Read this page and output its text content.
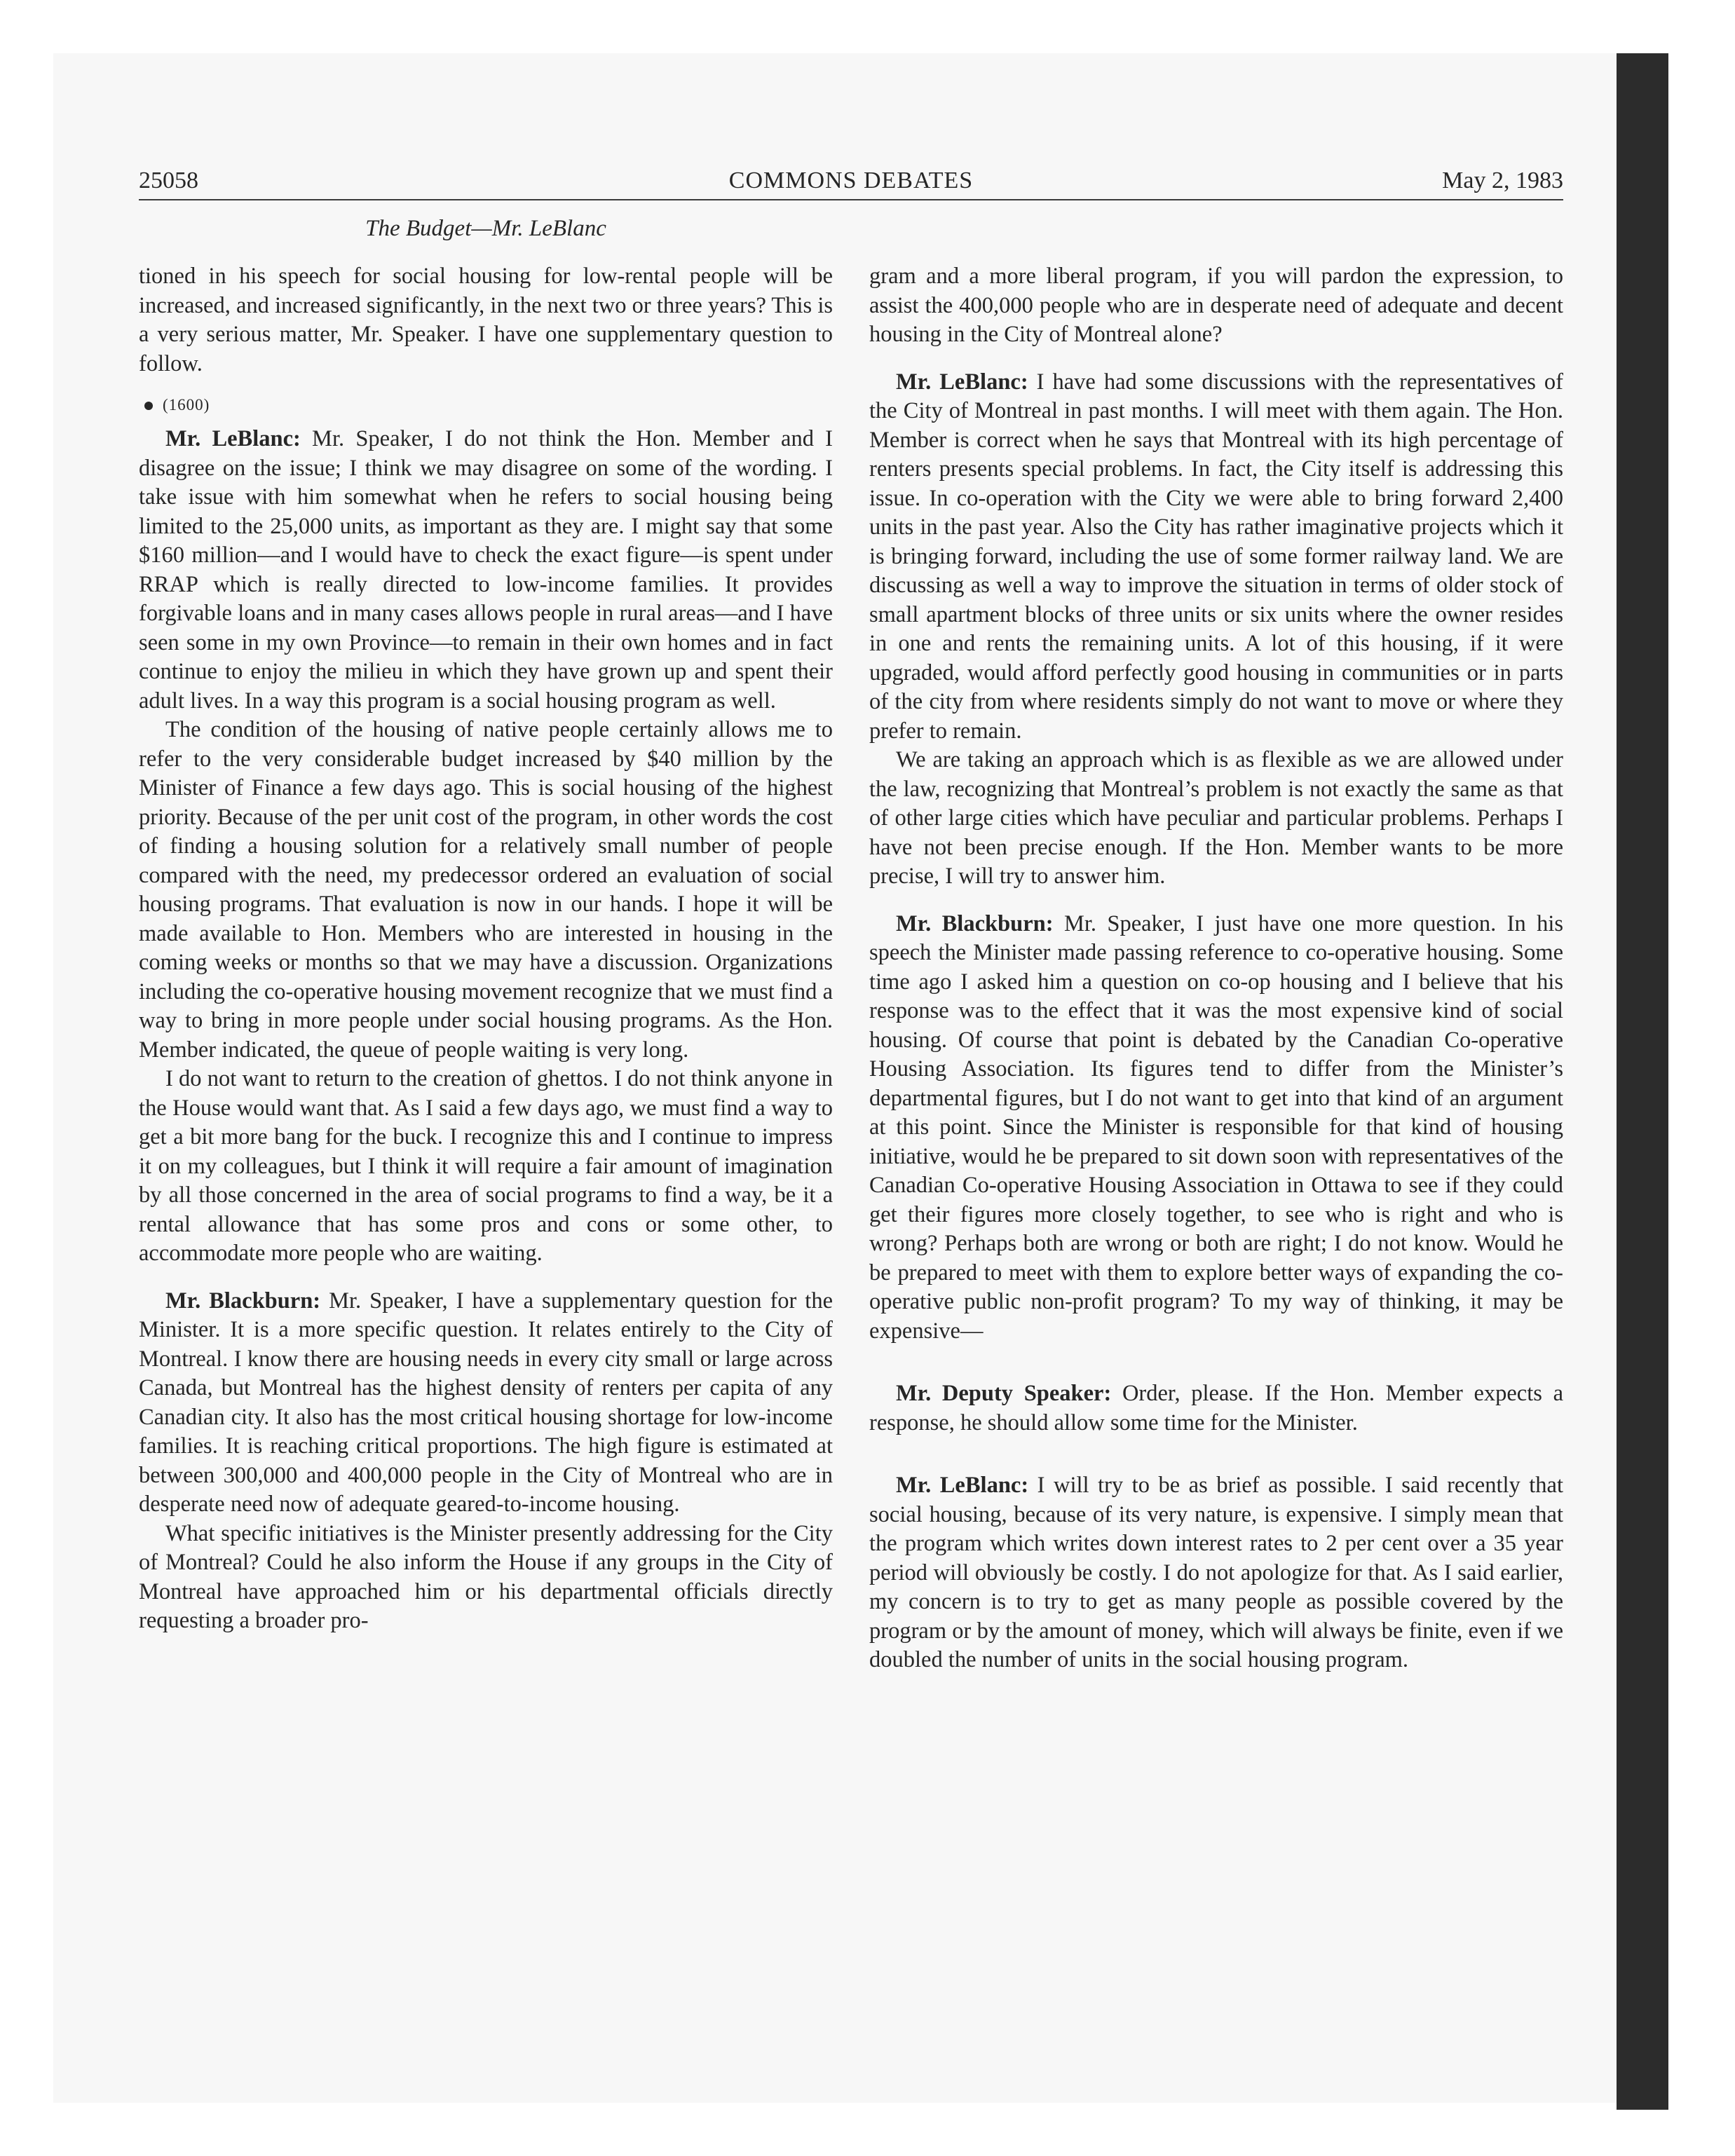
25058	COMMONS DEBATES	May 2, 1983
The Budget—Mr. LeBlanc

tioned in his speech for social housing for low-rental people will be increased, and increased significantly, in the next two or three years? This is a very serious matter, Mr. Speaker. I have one supplementary question to follow.

(1600)

Mr. LeBlanc: Mr. Speaker, I do not think the Hon. Member and I disagree on the issue; I think we may disagree on some of the wording. I take issue with him somewhat when he refers to social housing being limited to the 25,000 units, as important as they are. I might say that some $160 million—and I would have to check the exact figure—is spent under RRAP which is really directed to low-income families. It provides forgivable loans and in many cases allows people in rural areas—and I have seen some in my own Province—to remain in their own homes and in fact continue to enjoy the milieu in which they have grown up and spent their adult lives. In a way this program is a social housing program as well.

The condition of the housing of native people certainly allows me to refer to the very considerable budget increased by $40 million by the Minister of Finance a few days ago. This is social housing of the highest priority. Because of the per unit cost of the program, in other words the cost of finding a housing solution for a relatively small number of people compared with the need, my predecessor ordered an evaluation of social housing programs. That evaluation is now in our hands. I hope it will be made available to Hon. Members who are interested in housing in the coming weeks or months so that we may have a discussion. Organizations including the co-operative housing movement recognize that we must find a way to bring in more people under social housing programs. As the Hon. Member indicated, the queue of people waiting is very long.

I do not want to return to the creation of ghettos. I do not think anyone in the House would want that. As I said a few days ago, we must find a way to get a bit more bang for the buck. I recognize this and I continue to impress it on my colleagues, but I think it will require a fair amount of imagination by all those concerned in the area of social programs to find a way, be it a rental allowance that has some pros and cons or some other, to accommodate more people who are waiting.

Mr. Blackburn: Mr. Speaker, I have a supplementary question for the Minister. It is a more specific question. It relates entirely to the City of Montreal. I know there are housing needs in every city small or large across Canada, but Montreal has the highest density of renters per capita of any Canadian city. It also has the most critical housing shortage for low-income families. It is reaching critical proportions. The high figure is estimated at between 300,000 and 400,000 people in the City of Montreal who are in desperate need now of adequate geared-to-income housing.

What specific initiatives is the Minister presently addressing for the City of Montreal? Could he also inform the House if any groups in the City of Montreal have approached him or his departmental officials directly requesting a broader pro-

gram and a more liberal program, if you will pardon the expression, to assist the 400,000 people who are in desperate need of adequate and decent housing in the City of Montreal alone?

Mr. LeBlanc: I have had some discussions with the representatives of the City of Montreal in past months. I will meet with them again. The Hon. Member is correct when he says that Montreal with its high percentage of renters presents special problems. In fact, the City itself is addressing this issue. In co-operation with the City we were able to bring forward 2,400 units in the past year. Also the City has rather imaginative projects which it is bringing forward, including the use of some former railway land. We are discussing as well a way to improve the situation in terms of older stock of small apartment blocks of three units or six units where the owner resides in one and rents the remaining units. A lot of this housing, if it were upgraded, would afford perfectly good housing in communities or in parts of the city from where residents simply do not want to move or where they prefer to remain.

We are taking an approach which is as flexible as we are allowed under the law, recognizing that Montreal’s problem is not exactly the same as that of other large cities which have peculiar and particular problems. Perhaps I have not been precise enough. If the Hon. Member wants to be more precise, I will try to answer him.

Mr. Blackburn: Mr. Speaker, I just have one more question. In his speech the Minister made passing reference to co-operative housing. Some time ago I asked him a question on co-op housing and I believe that his response was to the effect that it was the most expensive kind of social housing. Of course that point is debated by the Canadian Co-operative Housing Association. Its figures tend to differ from the Minister’s departmental figures, but I do not want to get into that kind of an argument at this point. Since the Minister is responsible for that kind of housing initiative, would he be prepared to sit down soon with representatives of the Canadian Co-operative Housing Association in Ottawa to see if they could get their figures more closely together, to see who is right and who is wrong? Perhaps both are wrong or both are right; I do not know. Would he be prepared to meet with them to explore better ways of expanding the co-operative public non-profit program? To my way of thinking, it may be expensive—

Mr. Deputy Speaker: Order, please. If the Hon. Member expects a response, he should allow some time for the Minister.

Mr. LeBlanc: I will try to be as brief as possible. I said recently that social housing, because of its very nature, is expensive. I simply mean that the program which writes down interest rates to 2 per cent over a 35 year period will obviously be costly. I do not apologize for that. As I said earlier, my concern is to try to get as many people as possible covered by the program or by the amount of money, which will always be finite, even if we doubled the number of units in the social housing program.
